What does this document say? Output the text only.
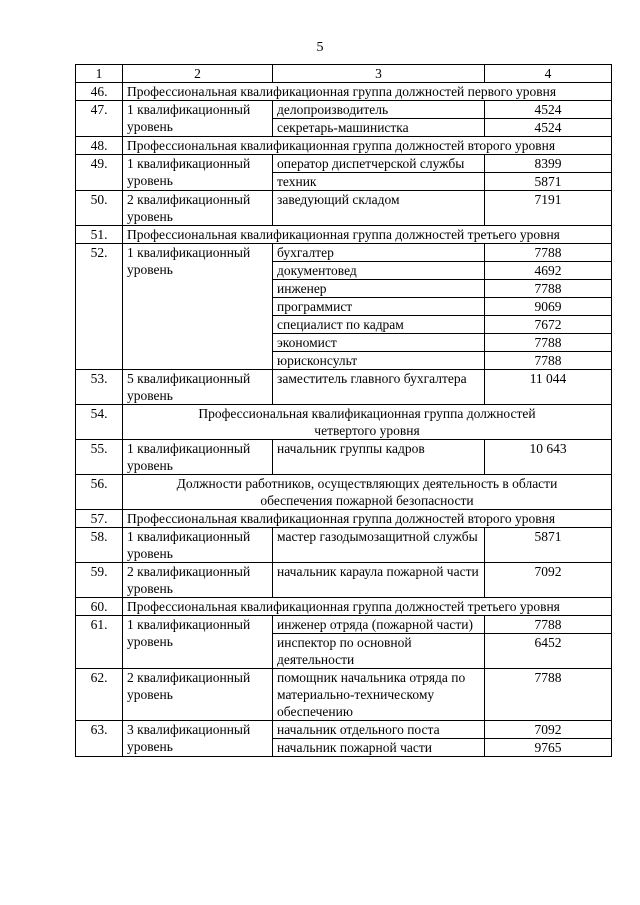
5
1	2	3	4
46.	Профессиональная квалификационная группа должностей первого уровня		
47.	1 квалификационный уровень	делопроизводитель	4524
		секретарь-машинистка	4524
48.	Профессиональная квалификационная группа должностей второго уровня		
49.	1 квалификационный уровень	оператор диспетчерской службы	8399
		техник	5871
50.	2 квалификационный уровень	заведующий складом	7191
51.	Профессиональная квалификационная группа должностей третьего уровня		
52.	1 квалификационный уровень	бухгалтер	7788
		документовед	4692
		инженер	7788
		программист	9069
		специалист по кадрам	7672
		экономист	7788
		юрисконсульт	7788
53.	5 квалификационный уровень	заместитель главного бухгалтера	11 044
54.	Профессиональная квалификационная группа должностей
четвертого уровня		

55.	1 квалификационный уровень	начальник группы кадров	10 643
56.	Должности работников, осуществляющих деятельность в области
обеспечения пожарной безопасности		

57.	Профессиональная квалификационная группа должностей второго уровня		
58.	1 квалификационный уровень	мастер газодымозащитной службы	5871
59.	2 квалификационный уровень	начальник караула пожарной части	7092
60.	Профессиональная квалификационная группа должностей третьего уровня		
61.	1 квалификационный уровень	инженер отряда (пожарной части)	7788
		инспектор по основной деятельности	6452
62.	2 квалификационный уровень	помощник начальника отряда по материально-техническому обеспечению	7788
63.	3 квалификационный уровень	начальник отдельного поста	7092
		начальник пожарной части	9765
